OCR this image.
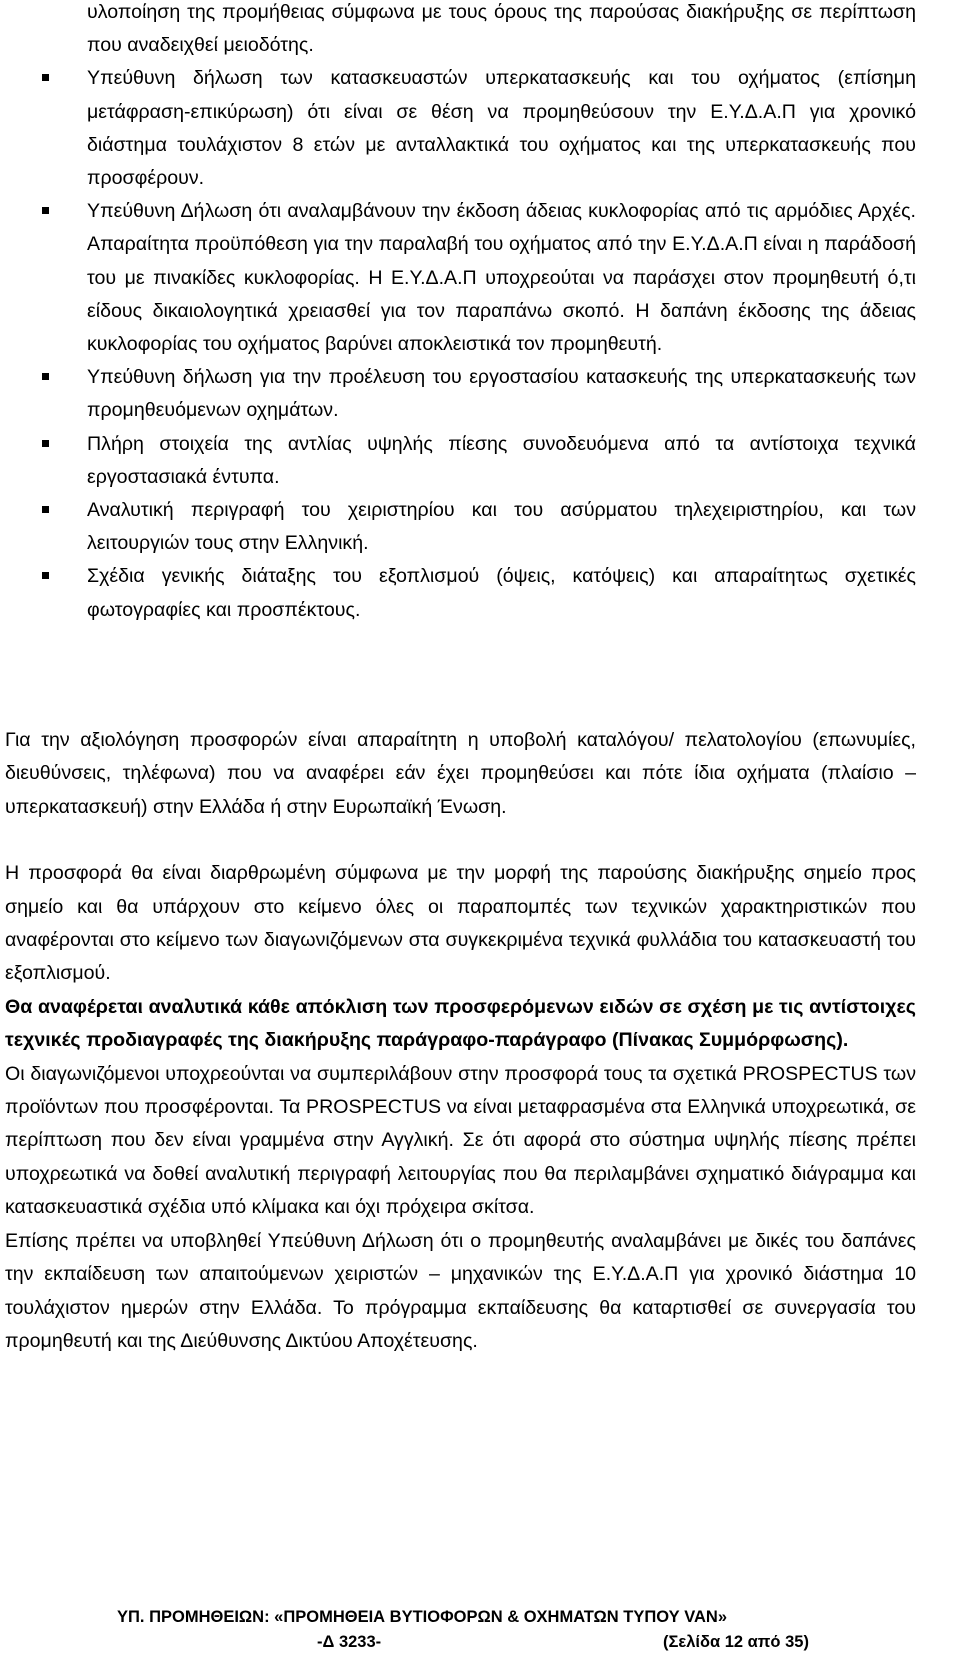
υλοποίηση της προμήθειας σύμφωνα με τους όρους της παρούσας διακήρυξης σε περίπτωση που αναδειχθεί μειοδότης.
Υπεύθυνη δήλωση των κατασκευαστών υπερκατασκευής και του οχήματος (επίσημη μετάφραση-επικύρωση) ότι είναι σε θέση να προμηθεύσουν την Ε.Υ.Δ.Α.Π για χρονικό διάστημα τουλάχιστον 8 ετών με ανταλλακτικά του οχήματος και της υπερκατασκευής που προσφέρουν.
Υπεύθυνη Δήλωση ότι αναλαμβάνουν την έκδοση άδειας κυκλοφορίας από τις αρμόδιες Αρχές. Απαραίτητα προϋπόθεση για την παραλαβή του οχήματος από την Ε.Υ.Δ.Α.Π είναι η παράδοσή του με πινακίδες κυκλοφορίας. Η Ε.Υ.Δ.Α.Π υποχρεούται να παράσχει στον προμηθευτή ό,τι είδους δικαιολογητικά χρειασθεί για τον παραπάνω σκοπό. Η δαπάνη έκδοσης της άδειας κυκλοφορίας του οχήματος βαρύνει αποκλειστικά τον προμηθευτή.
Υπεύθυνη δήλωση για την προέλευση του εργοστασίου κατασκευής της υπερκατασκευής των προμηθευόμενων οχημάτων.
Πλήρη στοιχεία της αντλίας υψηλής πίεσης συνοδευόμενα από τα αντίστοιχα τεχνικά εργοστασιακά έντυπα.
Αναλυτική περιγραφή του χειριστηρίου και του ασύρματου τηλεχειριστηρίου, και των λειτουργιών τους στην Ελληνική.
Σχέδια γενικής διάταξης του εξοπλισμού (όψεις, κατόψεις) και απαραίτητως σχετικές φωτογραφίες και προσπέκτους.

Για την αξιολόγηση προσφορών είναι απαραίτητη η υποβολή καταλόγου/ πελατολογίου (επωνυμίες, διευθύνσεις, τηλέφωνα) που να αναφέρει εάν έχει προμηθεύσει και πότε ίδια οχήματα (πλαίσιο – υπερκατασκευή) στην Ελλάδα ή στην Ευρωπαϊκή Ένωση.

Η προσφορά θα είναι διαρθρωμένη σύμφωνα με την μορφή της παρούσης διακήρυξης σημείο προς σημείο και θα υπάρχουν στο κείμενο όλες οι παραπομπές των τεχνικών χαρακτηριστικών που αναφέρονται στο κείμενο των διαγωνιζόμενων στα συγκεκριμένα τεχνικά φυλλάδια του κατασκευαστή του εξοπλισμού.

Θα αναφέρεται αναλυτικά κάθε απόκλιση των προσφερόμενων ειδών σε σχέση με τις αντίστοιχες τεχνικές προδιαγραφές της διακήρυξης παράγραφο-παράγραφο (Πίνακας Συμμόρφωσης).

Οι διαγωνιζόμενοι υποχρεούνται να συμπεριλάβουν στην προσφορά τους τα σχετικά PROSPECTUS των προϊόντων που προσφέρονται. Τα PROSPECTUS να είναι μεταφρασμένα στα Ελληνικά υποχρεωτικά, σε περίπτωση που δεν είναι γραμμένα στην Αγγλική. Σε ότι αφορά στο σύστημα υψηλής πίεσης πρέπει υποχρεωτικά να δοθεί αναλυτική περιγραφή λειτουργίας που θα περιλαμβάνει σχηματικό διάγραμμα και κατασκευαστικά σχέδια υπό κλίμακα και όχι πρόχειρα σκίτσα.

Επίσης πρέπει να υποβληθεί Υπεύθυνη Δήλωση ότι ο προμηθευτής αναλαμβάνει με δικές του δαπάνες την εκπαίδευση των απαιτούμενων χειριστών – μηχανικών της Ε.Υ.Δ.Α.Π για χρονικό διάστημα 10 τουλάχιστον ημερών στην Ελλάδα. Το πρόγραμμα εκπαίδευσης θα καταρτισθεί σε συνεργασία του προμηθευτή και της Διεύθυνσης Δικτύου Αποχέτευσης.

ΥΠ. ΠΡΟΜΗΘΕΙΩΝ: «ΠΡΟΜΗΘΕΙΑ ΒΥΤΙΟΦΟΡΩΝ & ΟΧΗΜΑΤΩΝ ΤΥΠΟΥ VAN»
-Δ 3233-	(Σελίδα 12 από 35)
